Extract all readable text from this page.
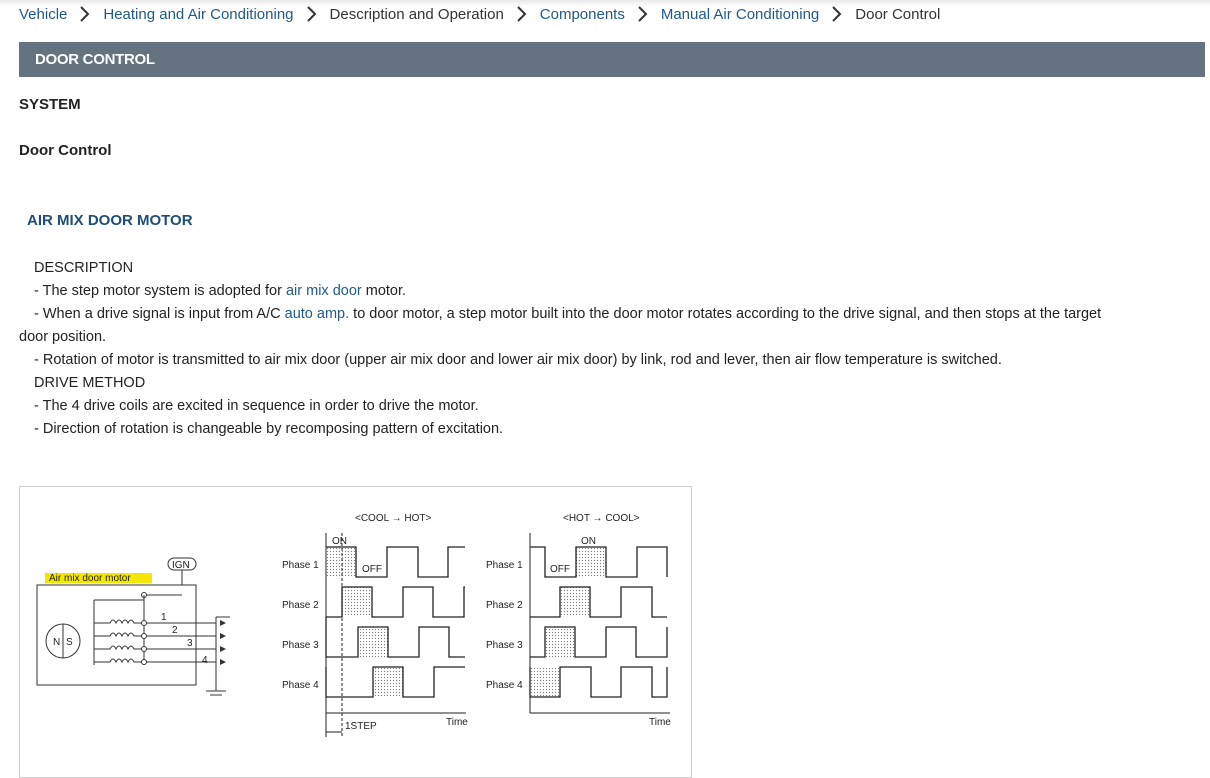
Vehicle Heating and Air Conditioning Description and Operation Components Manual Air Conditioning Door Control
DOOR CONTROL
SYSTEM
Door Control
AIR MIX DOOR MOTOR
DESCRIPTION
- The step motor system is adopted for air mix door motor.
- When a drive signal is input from A/C auto amp. to door motor, a step motor built into the door motor rotates according to the drive signal, and then stops at the target
door position.
- Rotation of motor is transmitted to air mix door (upper air mix door and lower air mix door) by link, rod and lever, then air flow temperature is switched.
DRIVE METHOD
- The 4 drive coils are excited in sequence in order to drive the motor.
- Direction of rotation is changeable by recomposing pattern of excitation.
Air mix door motor
N S
IGN
1
2
3
4
<COOL → HOT>
ON
OFF
Phase 1
Phase 2
Phase 3
Phase 4
1STEP	Time
<HOT → COOL>
ON
OFF
Phase 1
Phase 2
Phase 3
Phase 4
Time
